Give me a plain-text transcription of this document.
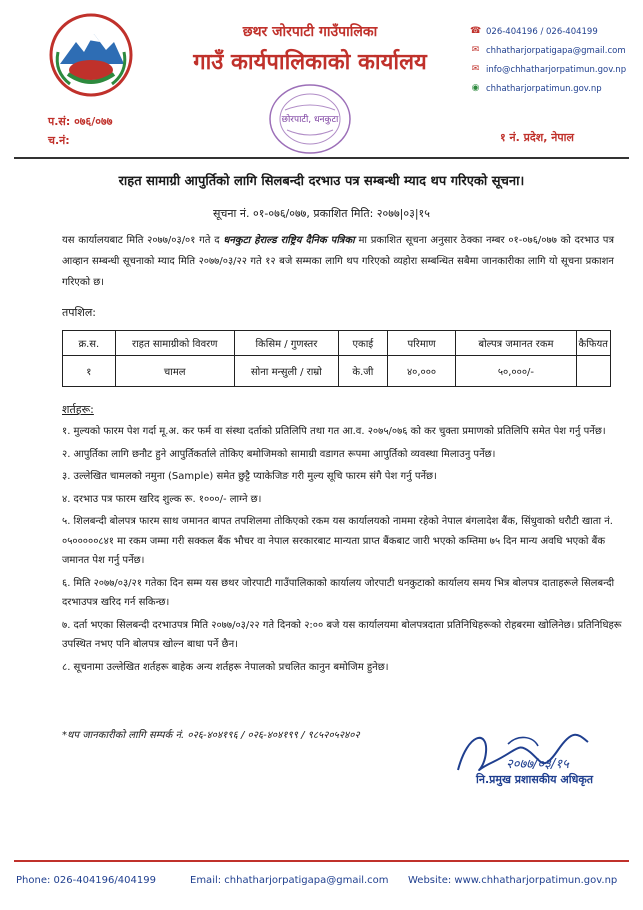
छथर जोरपाटी गाउँपालिका
गाउँ कार्यपालिकाको कार्यालय
छोरपाटी, धनकुटा
☎ 026-404196 / 026-404199
✉ chhatharjorpatigapa@gmail.com
✉ info@chhatharjorpatimun.gov.np
◉ chhatharjorpatimun.gov.np
प.सं: ०७६/०७७
च.नं:	१ नं. प्रदेश, नेपाल
राहत सामाग्री आपुर्तिको लागि सिलबन्दी दरभाउ पत्र सम्बन्धी म्याद थप गरिएको सूचना।
सूचना नं. ०१-०७६/०७७, प्रकाशित मिति: २०७७|०३|१५
यस कार्यालयबाट मिति २०७७/०३/०१ गते द धनकुटा हेराल्ड राष्ट्रिय दैनिक पत्रिका मा प्रकाशित सूचना अनुसार ठेक्का नम्बर ०१-०७६/०७७ को दरभाउ पत्र आव्हान सम्बन्धी सूचनाको म्याद मिति २०७७/०३/२२ गते १२ बजे सम्मका लागि थप गरिएको व्यहोरा सम्बन्धित सबैमा जानकारीका लागि यो सूचना प्रकाशन गरिएको छ।
तपशिल:
क्र.स.	राहत सामाग्रीको विवरण	किसिम / गुणस्तर	एकाई	परिमाण	बोल्पत्र जमानत रकम	कैफियत
१	चामल	सोना मन्सुली / राम्रो	के.जी	४०,०००	५०,०००/-	
शर्तहरू:
१. मुल्यको फारम पेश गर्दा मू.अ. कर फर्म वा संस्था दर्ताको प्रतिलिपि तथा गत आ.व. २०७५/०७६ को कर चुक्ता प्रमाणको प्रतिलिपि समेत पेश गर्नु पर्नेछ।
२. आपुर्तिका लागि छनौट हुने आपुर्तिकर्ताले तोकिए बमोजिमको सामाग्री वडागत रूपमा आपुर्तिको व्यवस्था मिलाउनु पर्नेछ।
३. उल्लेखित चामलको नमुना (Sample) समेत छुट्टै प्याकेजिङ गरी मुल्य सूचि फारम संगै पेश गर्नु पर्नेछ।
४. दरभाउ पत्र फारम खरिद शुल्क रू. १०००/- लाग्ने छ।
५. शिलबन्दी बोलपत्र फारम साथ जमानत बापत तपशिलमा तोकिएको रकम यस कार्यालयको नाममा रहेको नेपाल बंगलादेश बैंक, सिंधुवाको धरौटी खाता नं. ०५०००००८४१ मा रकम जम्मा गरी सक्कल बैंक भौचर वा नेपाल सरकारबाट मान्यता प्राप्त बैंकबाट जारी भएको कम्तिमा ७५ दिन मान्य अवधि भएको बैंक जमानत पेश गर्नु पर्नेछ।
६. मिति २०७७/०३/२१ गतेका दिन सम्म यस छथर जोरपाटी गाउँपालिकाको कार्यालय जोरपाटी धनकुटाको कार्यालय समय भित्र बोलपत्र दाताहरूले सिलबन्दी दरभाउपत्र खरिद गर्न सकिन्छ।
७. दर्ता भएका सिलबन्दी दरभाउपत्र मिति २०७७/०३/२२ गते दिनको २:०० बजे यस कार्यालयमा बोलपत्रदाता प्रतिनिधिहरूको रोहबरमा खोलिनेछ। प्रतिनिधिहरू उपस्थित नभए पनि बोलपत्र खोल्न बाधा पर्ने छैन।
८. सूचनामा उल्लेखित शर्तहरू बाहेक अन्य शर्तहरू नेपालको प्रचलित कानुन बमोजिम हुनेछ।
*थप जानकारीको लागि सम्पर्क नं. ०२६-४०४१९६ / ०२६-४०४१९९ / ९८५२०५२४०२
२०७७/०३/१५
नि.प्रमुख प्रशासकीय अधिकृत
Phone: 026-404196/404199	Email: chhatharjorpatigapa@gmail.com Website: www.chhatharjorpatimun.gov.np
